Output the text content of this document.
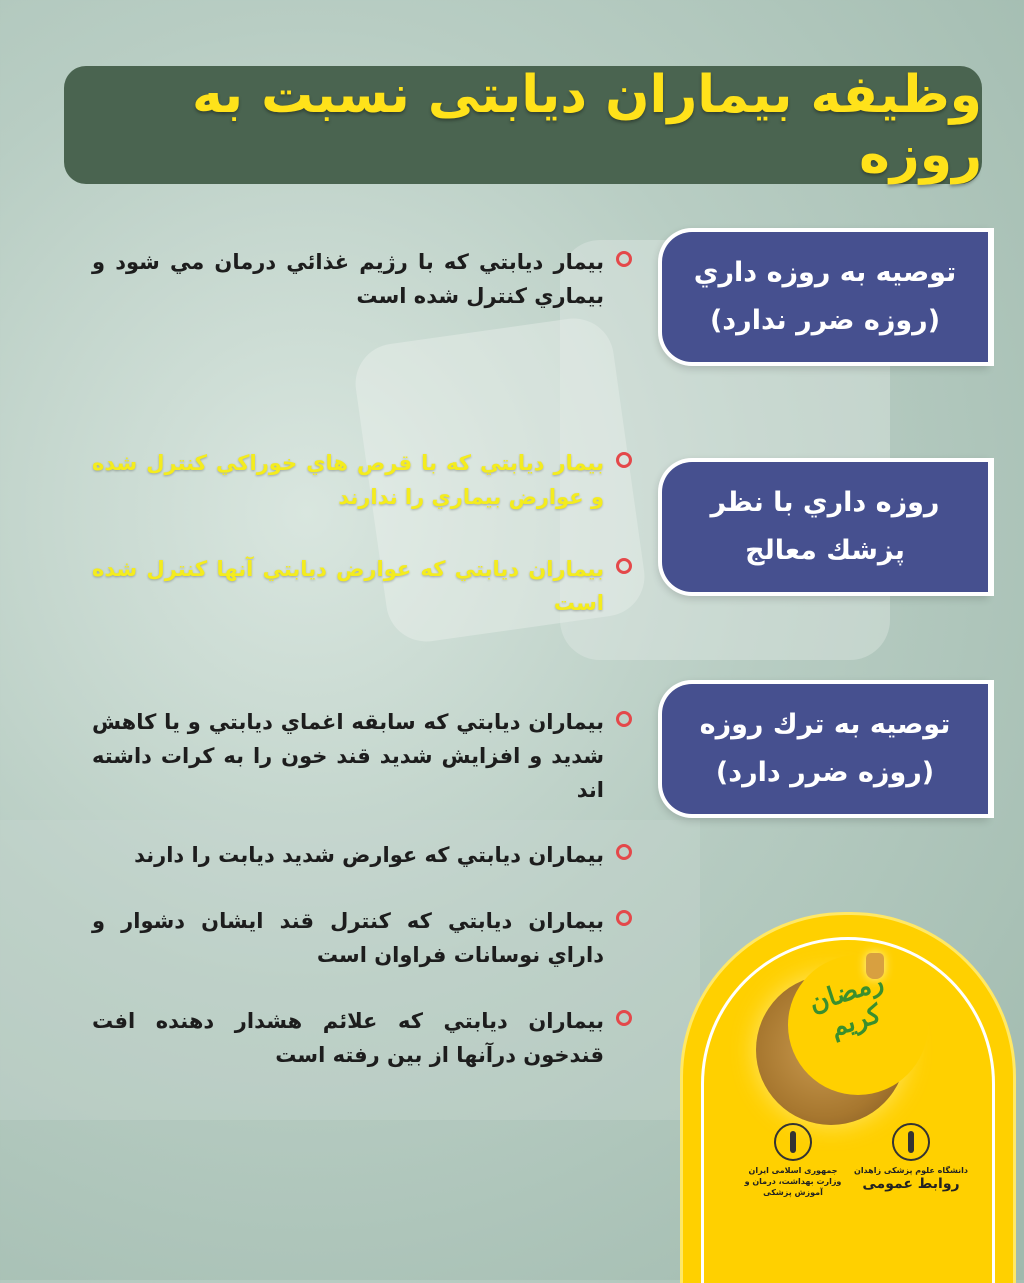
وظیفه بیماران دیابتی نسبت به روزه
توصیه به روزه داري
(روزه ضرر ندارد)
روزه داري با نظر
پزشك معالج
توصیه به ترك روزه
(روزه ضرر دارد)
بيمار ديابتي كه با رژيم غذائي درمان مي شود و بيماري كنترل شده است
بيمار ديابتي كه با قرص هاي خوراكي كنترل شده و عوارض بيماري را ندارند
بيماران ديابتي كه عوارض ديابتي آنها كنترل شده است
بيماران ديابتي كه سابقه اغماي ديابتي و يا كاهش شديد و افزايش شديد قند خون را به كرات داشته اند
بيماران ديابتي كه عوارض شديد ديابت را دارند
بيماران ديابتي كه كنترل قند ايشان دشوار و داراي نوسانات فراوان است
بيماران ديابتي كه علائم هشدار دهنده افت قندخون درآنها از بين رفته است
رمضان کریم
جمهوری اسلامی ایران
وزارت بهداشت، درمان و آموزش پزشکی
دانشگاه علوم پزشکی زاهدان
روابط عمومی
